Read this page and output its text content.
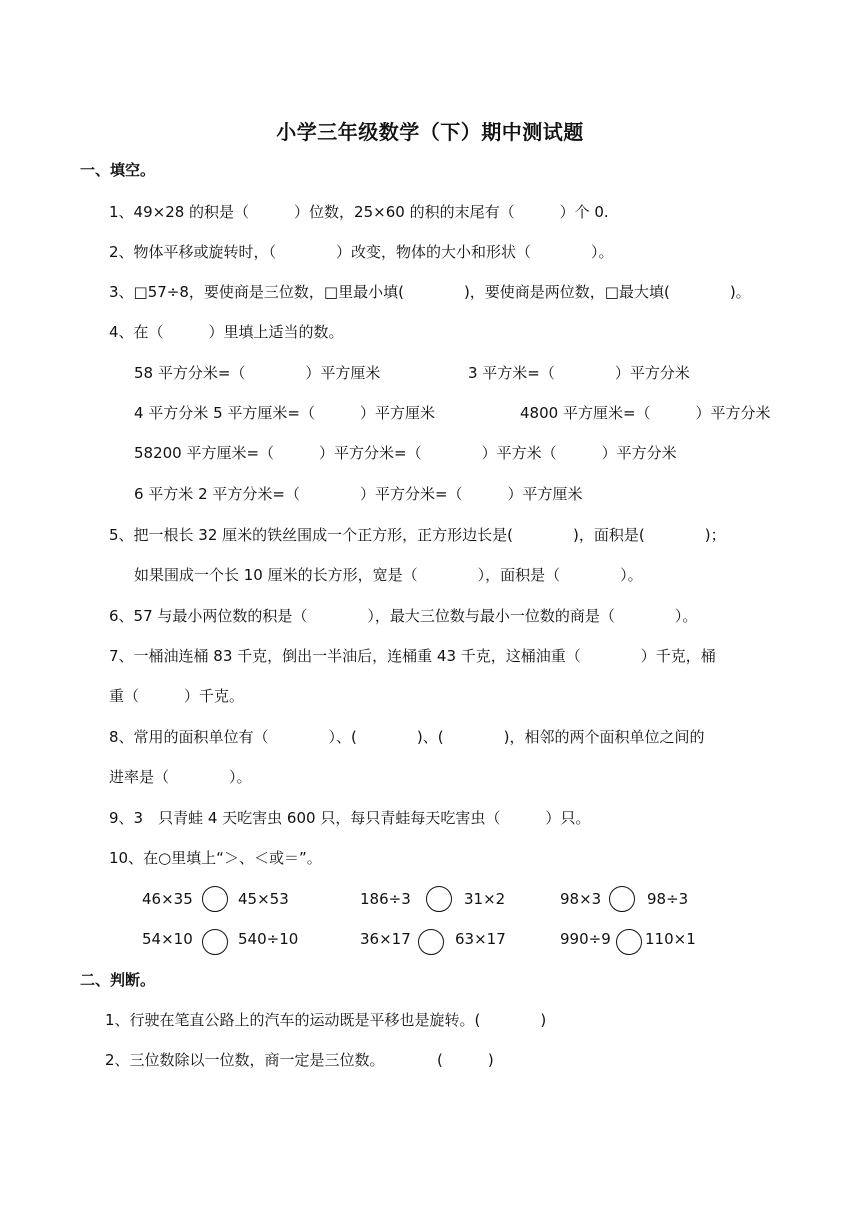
小学三年级数学（下）期中测试题
一、填空。
1、49×28 的积是（　　　）位数，25×60 的积的末尾有（　　　）个 0.
2、物体平移或旋转时，（　　　　）改变，物体的大小和形状（　　　　）。
3、□57÷8，要使商是三位数，□里最小填(　　　　)，要使商是两位数，□最大填(　　　　)。
4、在（　　　）里填上适当的数。
58 平方分米=（　　　　）平方厘米	3 平方米=（　　　　）平方分米
4 平方分米 5 平方厘米=（　　　）平方厘米	4800 平方厘米=（　　　）平方分米
58200 平方厘米=（　　　）平方分米=（　　　　）平方米（　　　）平方分米
6 平方米 2 平方分米=（　　　　）平方分米=（　　　）平方厘米
5、把一根长 32 厘米的铁丝围成一个正方形，正方形边长是(　　　　)，面积是(　　　　)；
如果围成一个长 10 厘米的长方形，宽是（　　　　），面积是（　　　　）。
6、57 与最小两位数的积是（　　　　），最大三位数与最小一位数的商是（　　　　）。
7、一桶油连桶 83 千克，倒出一半油后，连桶重 43 千克，这桶油重（　　　　）千克，桶
重（　　　）千克。
8、常用的面积单位有（　　　　）、(　　　　)、(　　　　)，相邻的两个面积单位之间的
进率是（　　　　）。
9、3　只青蛙 4 天吃害虫 600 只，每只青蛙每天吃害虫（　　　）只。
10、在○里填上“＞、＜或＝”。
46×35	45×53	186÷3	31×2	98×3	98÷3
54×10	540÷10	36×17	63×17	990÷9 110×1
二、判断。
1、行驶在笔直公路上的汽车的运动既是平移也是旋转。(　　　　)
2、三位数除以一位数，商一定是三位数。　　　　(　　　)
